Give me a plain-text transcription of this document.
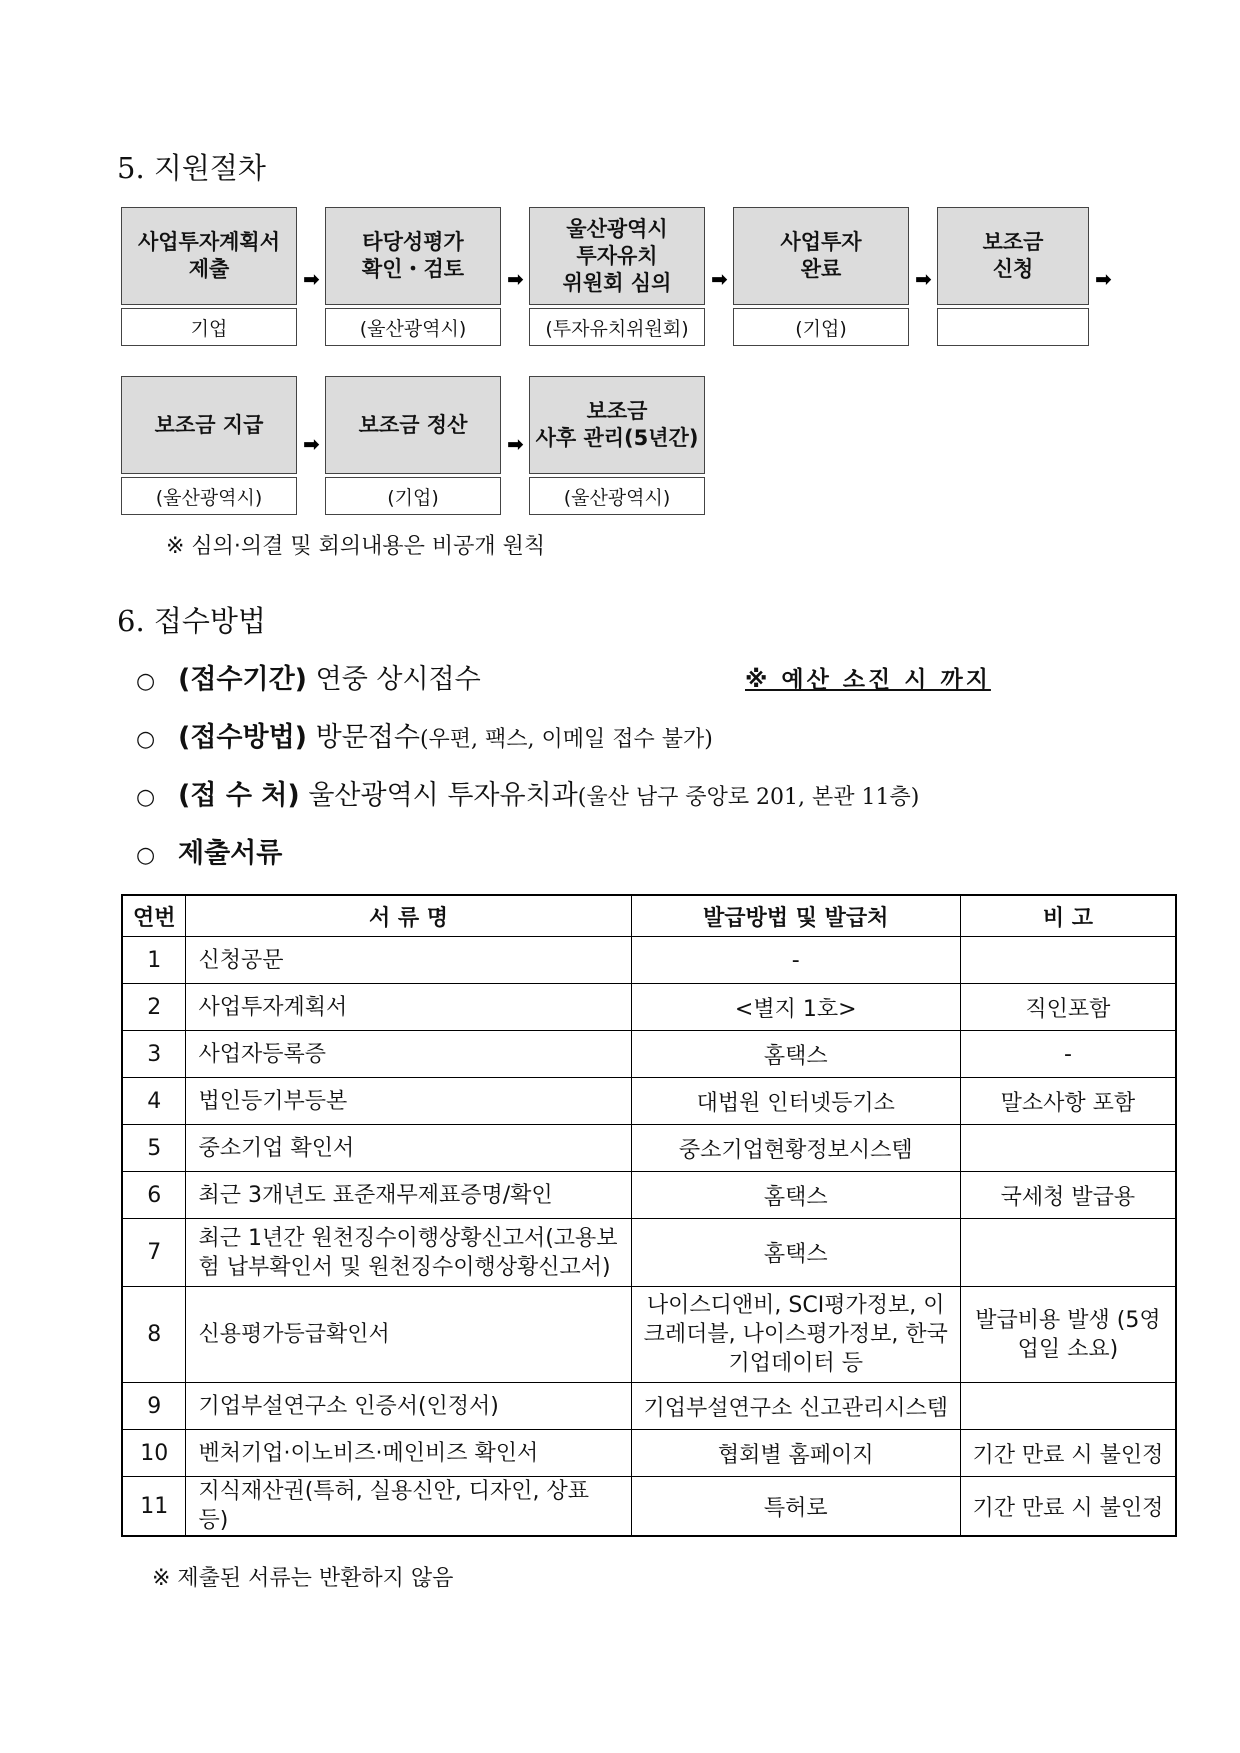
5. 지원절차
사업투자계획서
제출
기업
➡
타당성평가
확인・검토
(울산광역시)
➡
울산광역시
투자유치
위원회 심의
(투자유치위원회)
➡
사업투자
완료
(기업)
➡
보조금
신청	➡
보조금 지급
(울산광역시)
➡
보조금 정산
(기업)
➡
보조금
사후 관리(5년간)
(울산광역시)
※ 심의·의결 및 회의내용은 비공개 원칙
6. 접수방법
○ (접수기간) 연중 상시접수	※ 예산 소진 시 까지
○ (접수방법) 방문접수(우편, 팩스, 이메일 접수 불가)
○ (접 수 처) 울산광역시 투자유치과(울산 남구 중앙로 201, 본관 11층)
○ 제출서류
연번	서 류 명	발급방법 및 발급처	비 고
1	신청공문	-	
2	사업투자계획서	<별지 1호>	직인포함
3	사업자등록증	홈택스	-
4	법인등기부등본	대법원 인터넷등기소	말소사항 포함
5	중소기업 확인서	중소기업현황정보시스템	
6	최근 3개년도 표준재무제표증명/확인	홈택스	국세청 발급용
7	최근 1년간 원천징수이행상황신고서(고용보험 납부확인서 및 원천징수이행상황신고서)	홈택스	
8	신용평가등급확인서	나이스디앤비, SCI평가정보, 이크레더블, 나이스평가정보, 한국기업데이터 등	발급비용 발생 (5영업일 소요)
9	기업부설연구소 인증서(인정서)	기업부설연구소 신고관리시스템	
10	벤처기업·이노비즈·메인비즈 확인서	협회별 홈페이지	기간 만료 시 불인정
11	지식재산권(특허, 실용신안, 디자인, 상표 등)	특허로	기간 만료 시 불인정
※ 제출된 서류는 반환하지 않음
